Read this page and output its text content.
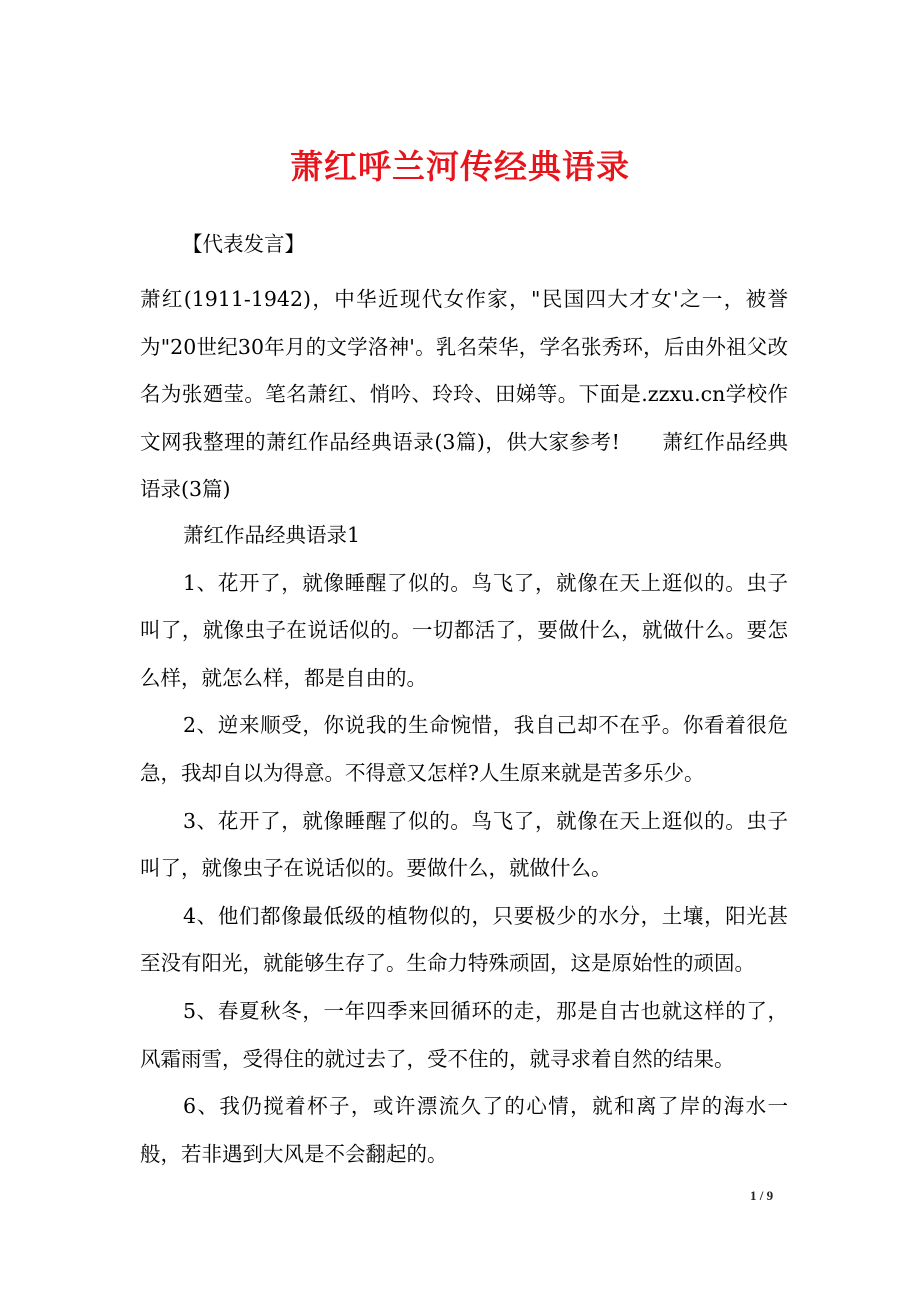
萧红呼兰河传经典语录
【代表发言】

萧红(1911-1942)，中华近现代女作家，"民国四大才女'之一，被誉为"20世纪30年月的文学洛神'。乳名荣华，学名张秀环，后由外祖父改名为张廼莹。笔名萧红、悄吟、玲玲、田娣等。下面是.zzxu.cn学校作文网我整理的萧红作品经典语录(3篇)，供大家参考!　　萧红作品经典语录(3篇)

萧红作品经典语录1

1、花开了，就像睡醒了似的。鸟飞了，就像在天上逛似的。虫子叫了，就像虫子在说话似的。一切都活了，要做什么，就做什么。要怎么样，就怎么样，都是自由的。

2、逆来顺受，你说我的生命惋惜，我自己却不在乎。你看着很危急，我却自以为得意。不得意又怎样?人生原来就是苦多乐少。

3、花开了，就像睡醒了似的。鸟飞了，就像在天上逛似的。虫子叫了，就像虫子在说话似的。要做什么，就做什么。

4、他们都像最低级的植物似的，只要极少的水分，土壤，阳光甚至没有阳光，就能够生存了。生命力特殊顽固，这是原始性的顽固。

5、春夏秋冬，一年四季来回循环的走，那是自古也就这样的了，风霜雨雪，受得住的就过去了，受不住的，就寻求着自然的结果。

6、我仍搅着杯子，或许漂流久了的心情，就和离了岸的海水一般，若非遇到大风是不会翻起的。

1 / 9
